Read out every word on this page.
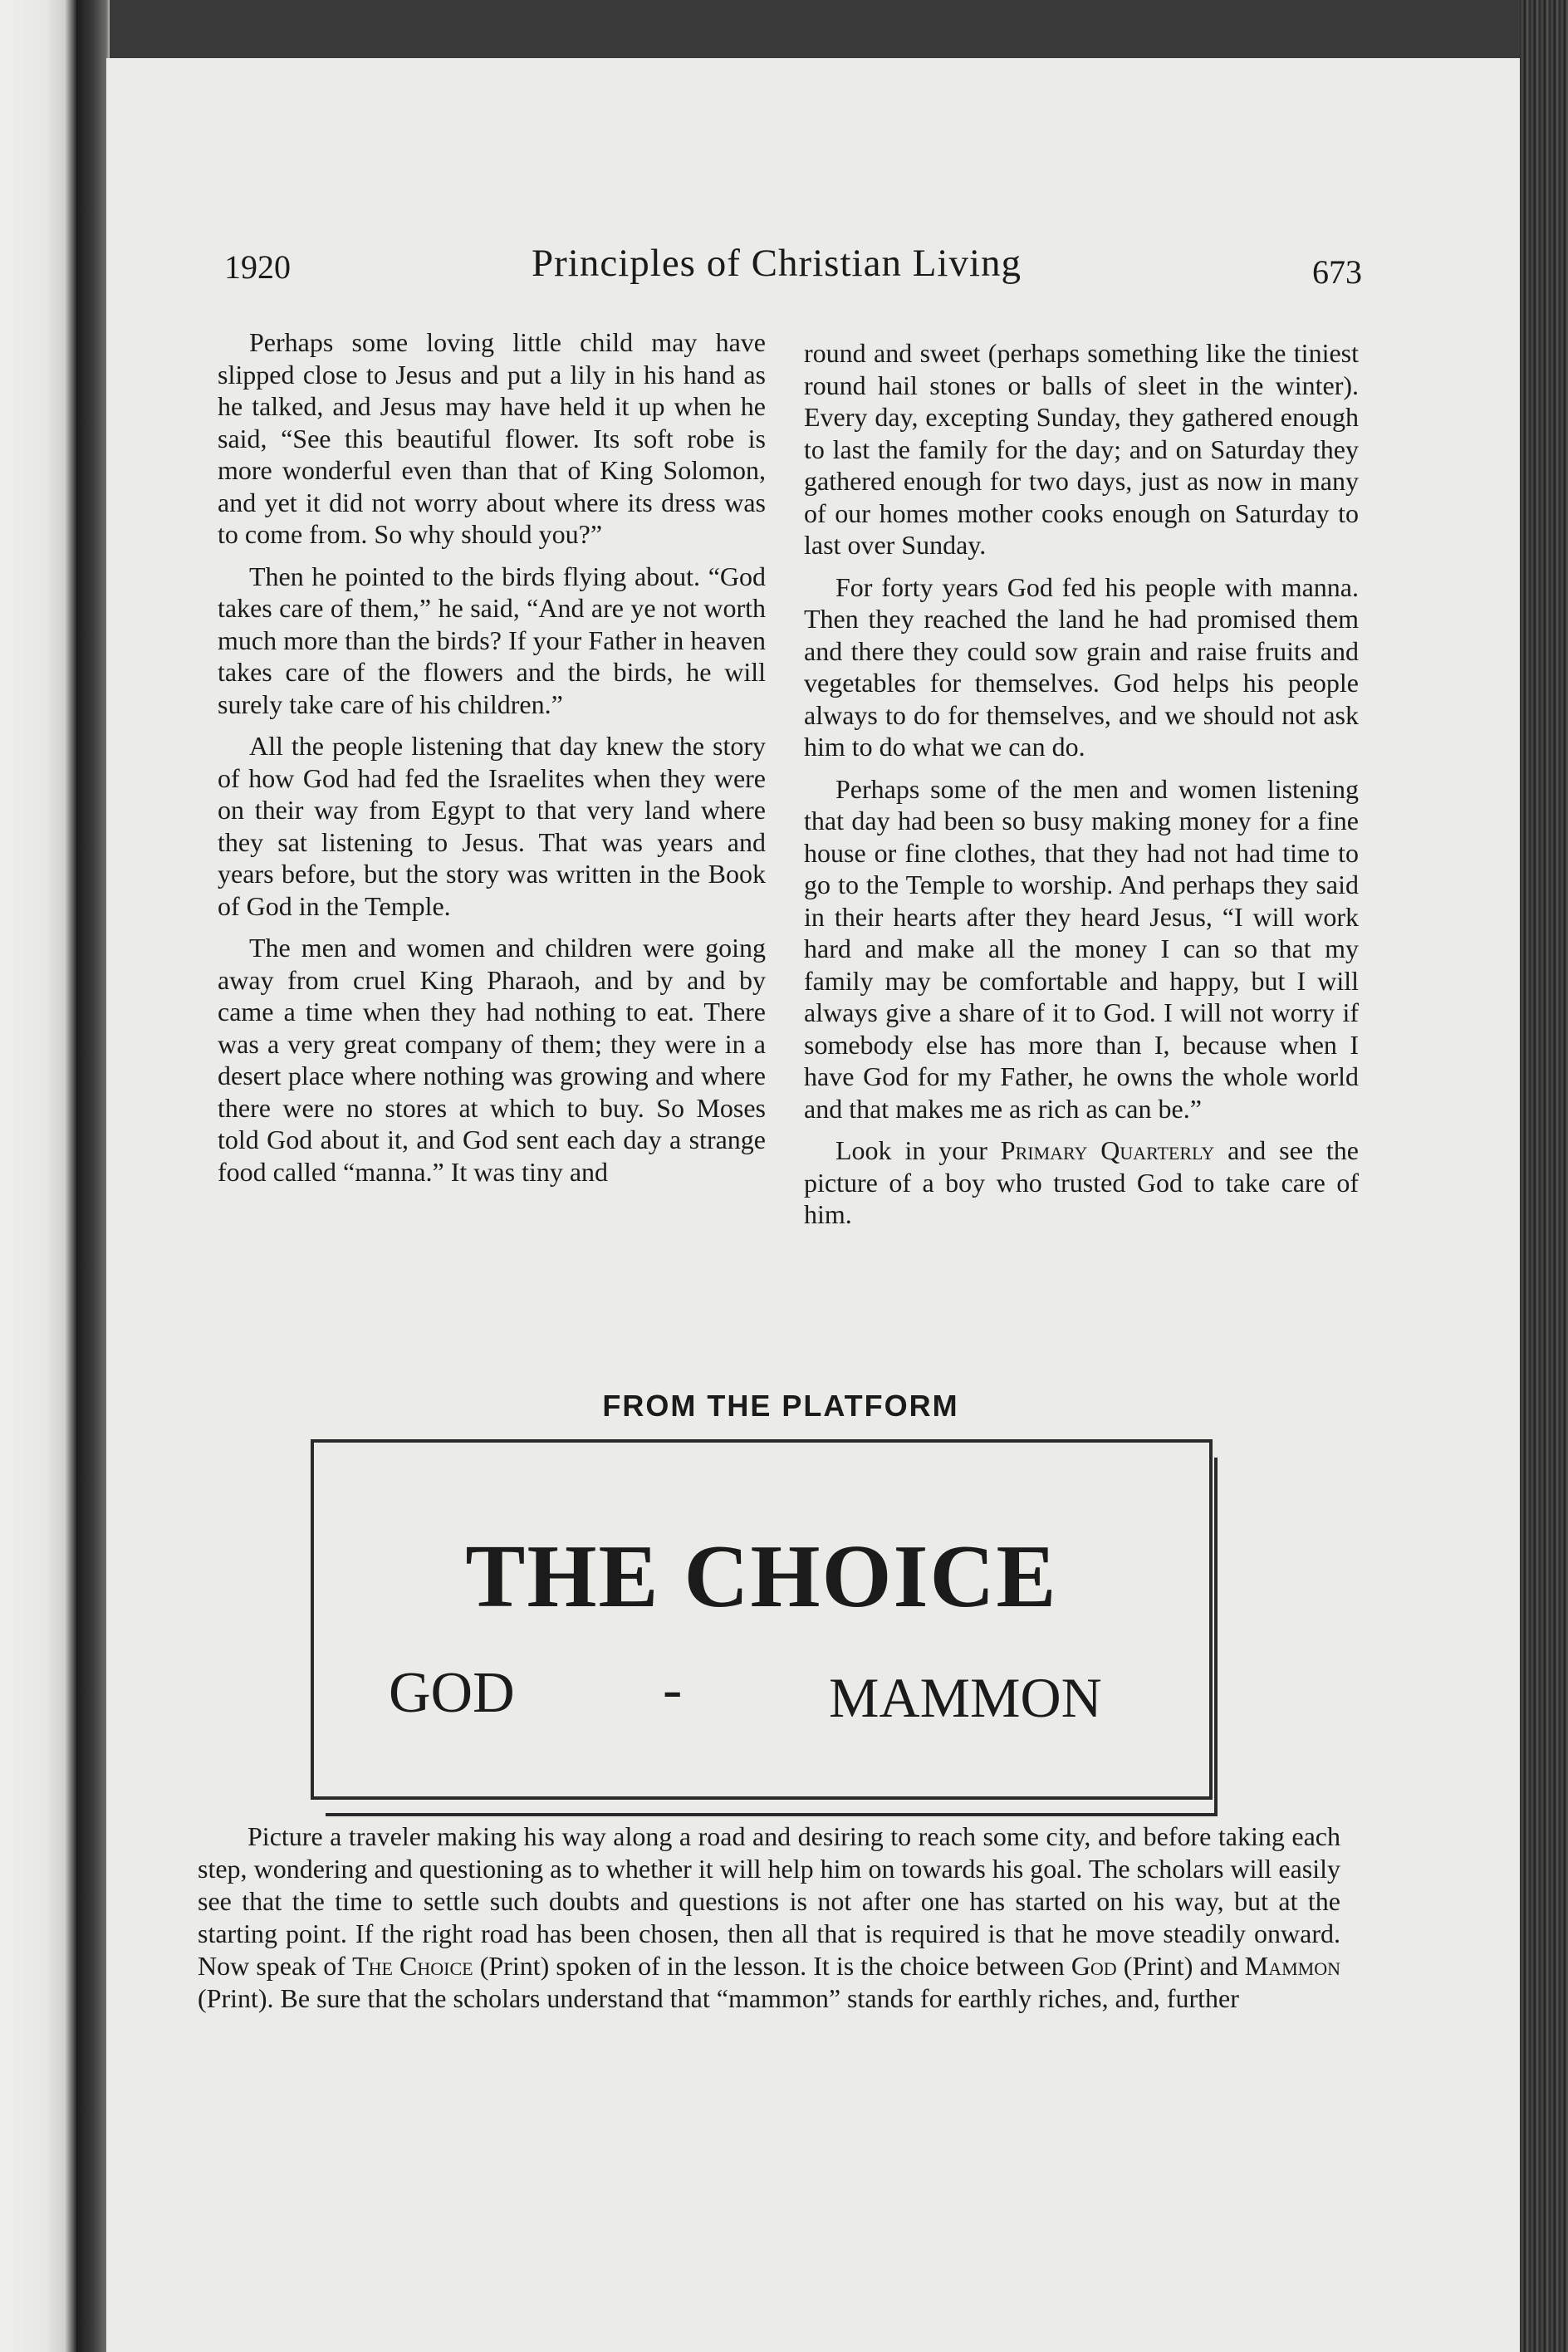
1920	Principles of Christian Living	673

Perhaps some loving little child may have slipped close to Jesus and put a lily in his hand as he talked, and Jesus may have held it up when he said, “See this beautiful flower. Its soft robe is more wonderful even than that of King Solomon, and yet it did not worry about where its dress was to come from. So why should you?”

Then he pointed to the birds flying about. “God takes care of them,” he said, “And are ye not worth much more than the birds? If your Father in heaven takes care of the flowers and the birds, he will surely take care of his children.”

All the people listening that day knew the story of how God had fed the Israelites when they were on their way from Egypt to that very land where they sat listening to Jesus. That was years and years before, but the story was written in the Book of God in the Temple.

The men and women and children were going away from cruel King Pharaoh, and by and by came a time when they had nothing to eat. There was a very great company of them; they were in a desert place where nothing was growing and where there were no stores at which to buy. So Moses told God about it, and God sent each day a strange food called “manna.” It was tiny and

round and sweet (perhaps something like the tiniest round hail stones or balls of sleet in the winter). Every day, excepting Sunday, they gathered enough to last the family for the day; and on Saturday they gathered enough for two days, just as now in many of our homes mother cooks enough on Saturday to last over Sunday.

For forty years God fed his people with manna. Then they reached the land he had promised them and there they could sow grain and raise fruits and vegetables for themselves. God helps his people always to do for themselves, and we should not ask him to do what we can do.

Perhaps some of the men and women listening that day had been so busy making money for a fine house or fine clothes, that they had not had time to go to the Temple to worship. And perhaps they said in their hearts after they heard Jesus, “I will work hard and make all the money I can so that my family may be comfortable and happy, but I will always give a share of it to God. I will not worry if somebody else has more than I, because when I have God for my Father, he owns the whole world and that makes me as rich as can be.”

Look in your Primary Quarterly and see the picture of a boy who trusted God to take care of him.

FROM THE PLATFORM
THE CHOICE
GOD	-	MAMMON

Picture a traveler making his way along a road and desiring to reach some city, and before taking each step, wondering and questioning as to whether it will help him on towards his goal. The scholars will easily see that the time to settle such doubts and questions is not after one has started on his way, but at the starting point. If the right road has been chosen, then all that is required is that he move steadily onward. Now speak of The Choice (Print) spoken of in the lesson. It is the choice between God (Print) and Mammon (Print). Be sure that the scholars understand that “mammon” stands for earthly riches, and, further
